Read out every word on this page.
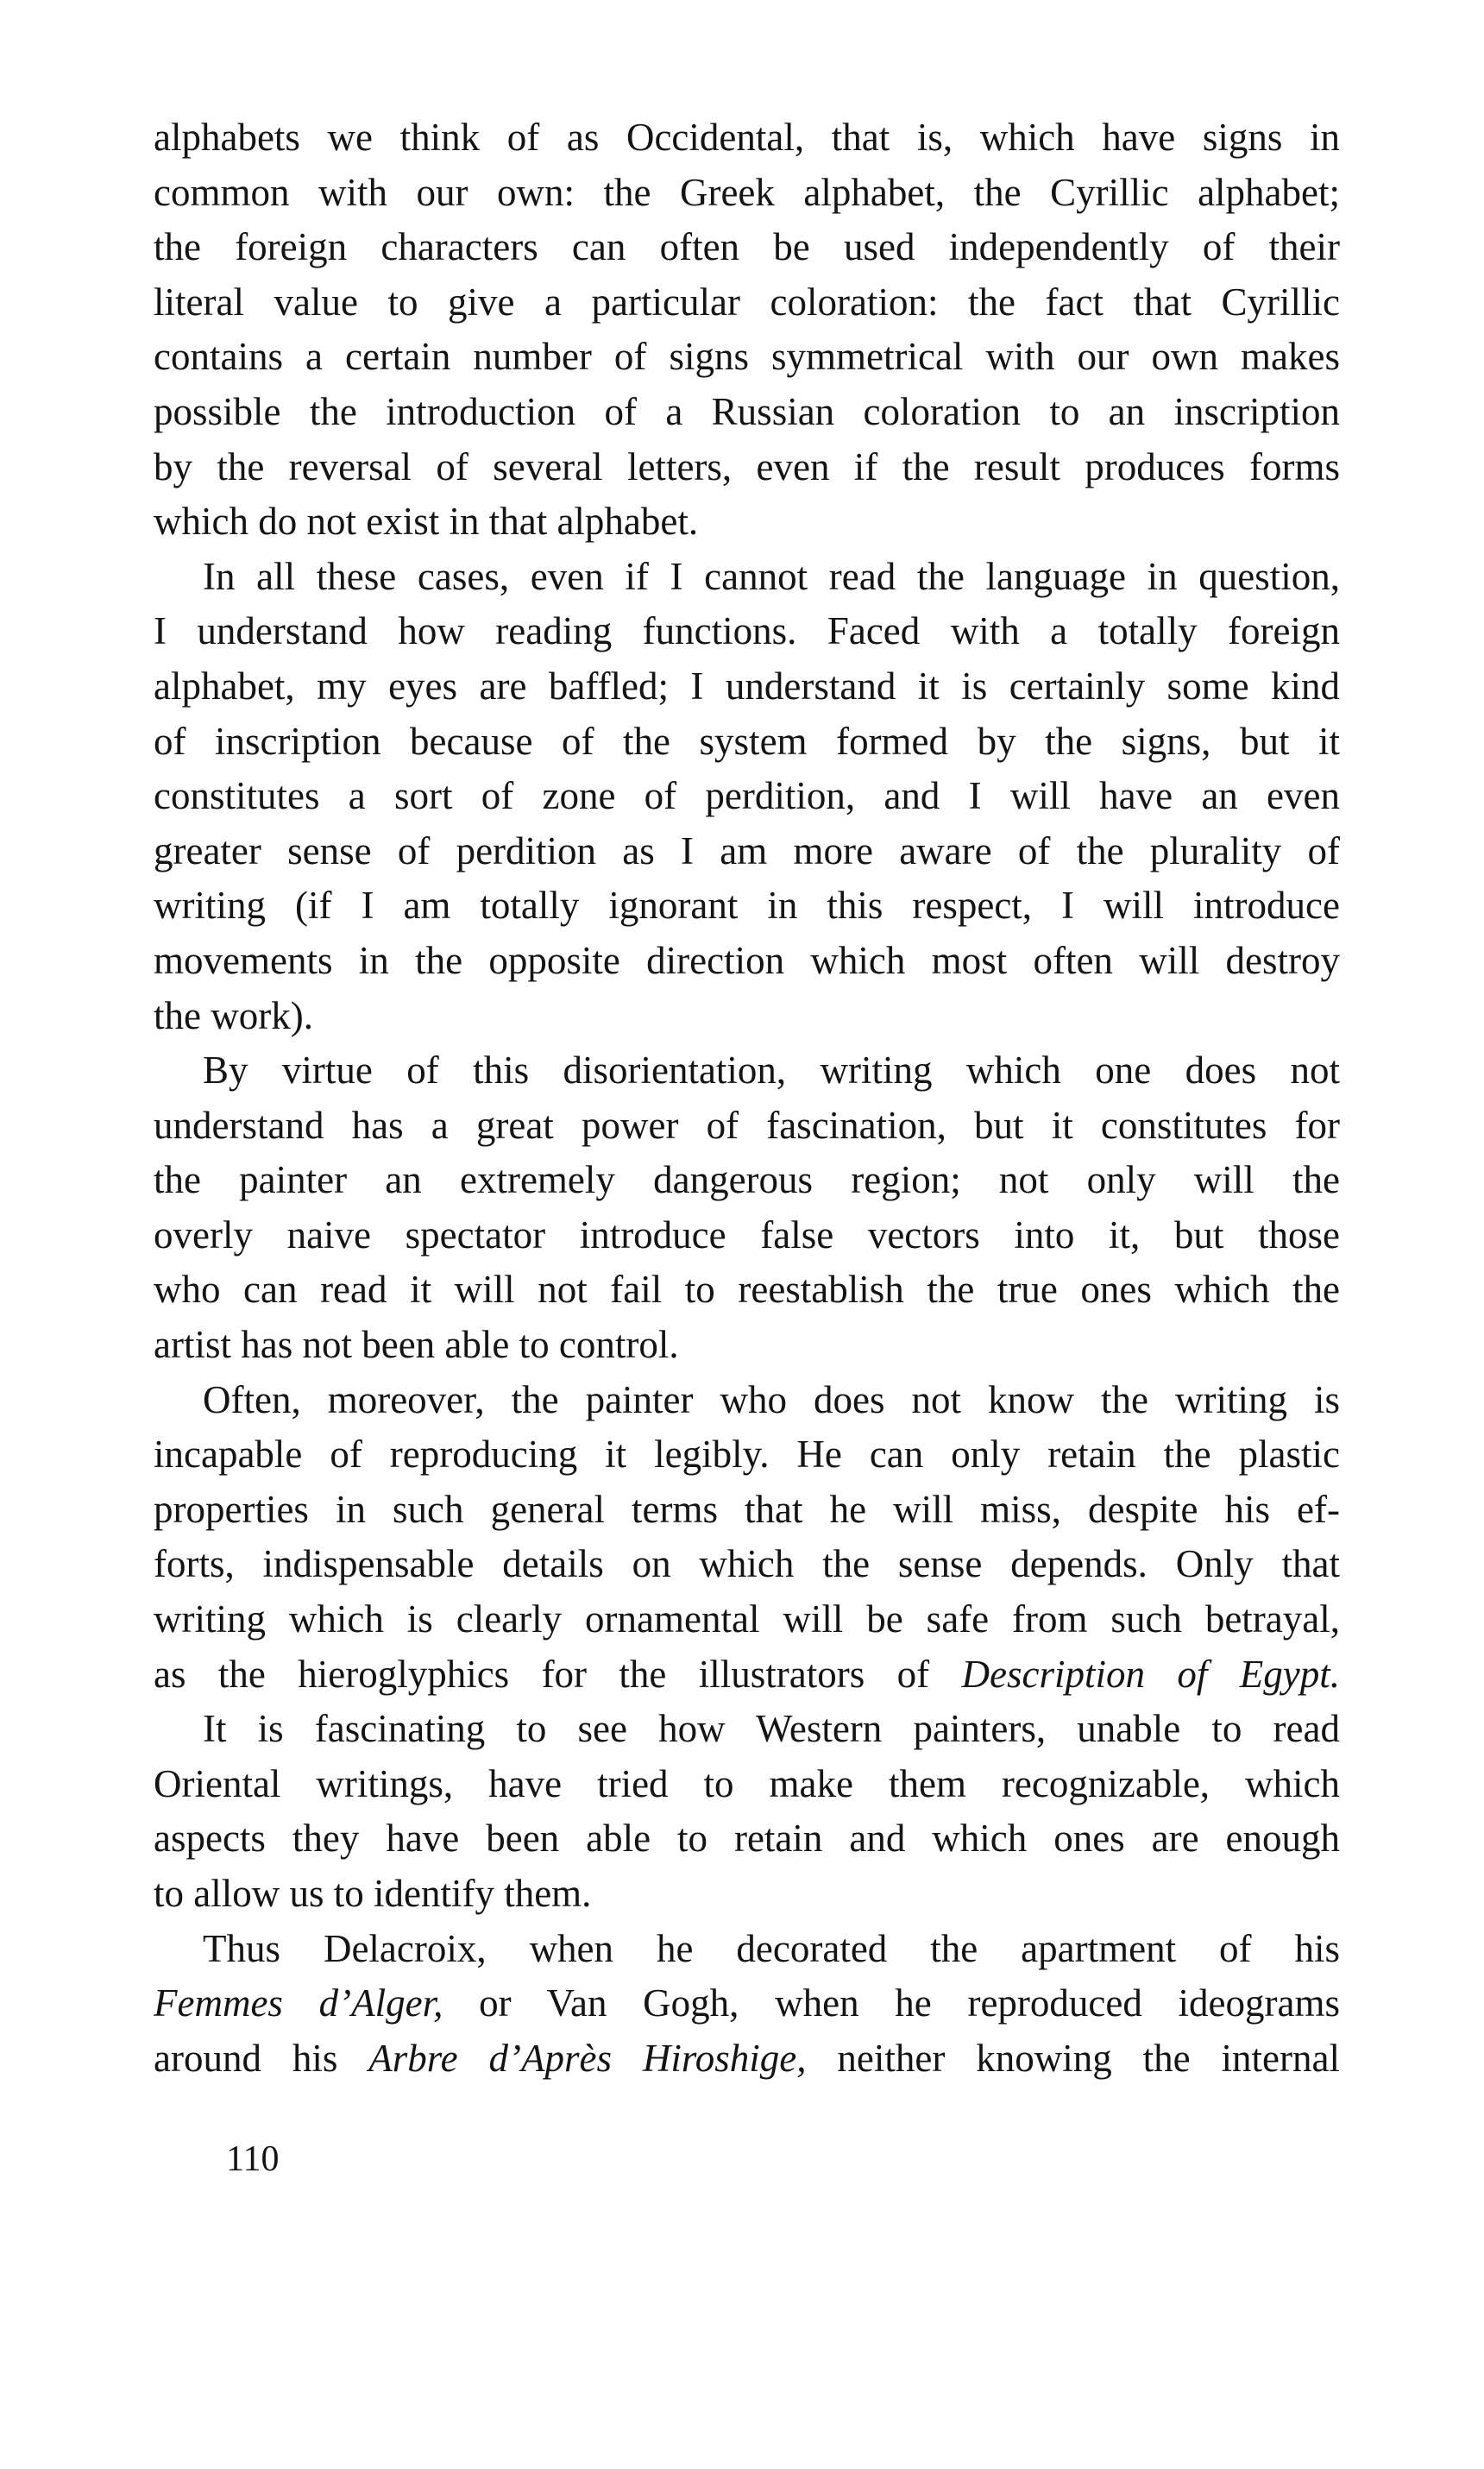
alphabets we think of as Occidental, that is, which have signs in
common with our own: the Greek alphabet, the Cyrillic alphabet;
the foreign characters can often be used independently of their
literal value to give a particular coloration: the fact that Cyrillic
contains a certain number of signs symmetrical with our own makes
possible the introduction of a Russian coloration to an inscription
by the reversal of several letters, even if the result produces forms
which do not exist in that alphabet.
In all these cases, even if I cannot read the language in question,
I understand how reading functions. Faced with a totally foreign
alphabet, my eyes are baffled; I understand it is certainly some kind
of inscription because of the system formed by the signs, but it
constitutes a sort of zone of perdition, and I will have an even
greater sense of perdition as I am more aware of the plurality of
writing (if I am totally ignorant in this respect, I will introduce
movements in the opposite direction which most often will destroy
the work).
By virtue of this disorientation, writing which one does not
understand has a great power of fascination, but it constitutes for
the painter an extremely dangerous region; not only will the
overly naive spectator introduce false vectors into it, but those
who can read it will not fail to reestablish the true ones which the
artist has not been able to control.
Often, moreover, the painter who does not know the writing is
incapable of reproducing it legibly. He can only retain the plastic
properties in such general terms that he will miss, despite his ef-
forts, indispensable details on which the sense depends. Only that
writing which is clearly ornamental will be safe from such betrayal,
as the hieroglyphics for the illustrators of Description of Egypt.
It is fascinating to see how Western painters, unable to read
Oriental writings, have tried to make them recognizable, which
aspects they have been able to retain and which ones are enough
to allow us to identify them.
Thus Delacroix, when he decorated the apartment of his
Femmes d’Alger, or Van Gogh, when he reproduced ideograms
around his Arbre d’Après Hiroshige, neither knowing the internal
110
